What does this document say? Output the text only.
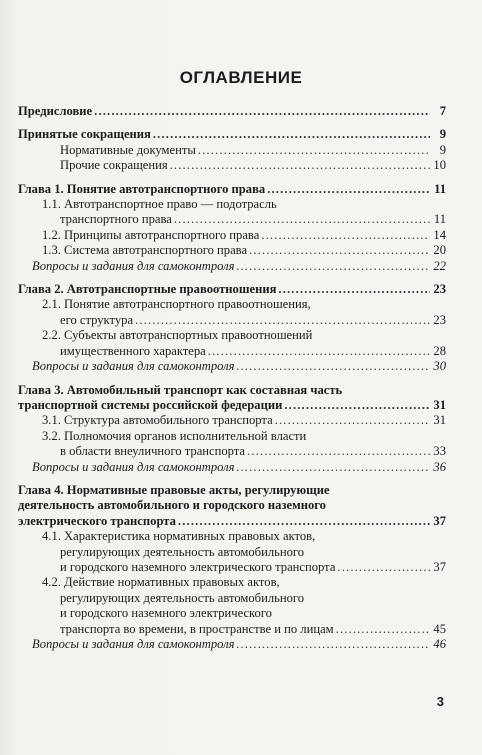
ОГЛАВЛЕНИЕ
Предисловие . . .	7
Принятые сокращения . . .	9
Нормативные документы . . .	9
Прочие сокращения . . .	10
Глава 1. Понятие автотранспортного права . . .	11
1.1. Автотранспортное право — подотрасль
транспортного права . . .	11
1.2. Принципы автотранспортного права . . .	14
1.3. Система автотранспортного права . . .	20
Вопросы и задания для самоконтроля . . .	22
Глава 2. Автотранспортные правоотношения . . .	23
2.1. Понятие автотранспортного правоотношения,
его структура . . .	23
2.2. Субъекты автотранспортных правоотношений
имущественного характера . . .	28
Вопросы и задания для самоконтроля . . .	30
Глава 3. Автомобильный транспорт как составная часть
транспортной системы российской федерации . . .	31
3.1. Структура автомобильного транспорта . . .	31
3.2. Полномочия органов исполнительной власти
в области внеуличного транспорта . . .	33
Вопросы и задания для самоконтроля . . .	36
Глава 4. Нормативные правовые акты, регулирующие
деятельность автомобильного и городского наземного
электрического транспорта . . .	37
4.1. Характеристика нормативных правовых актов,
регулирующих деятельность автомобильного
и городского наземного электрического транспорта . . .	37
4.2. Действие нормативных правовых актов,
регулирующих деятельность автомобильного
и городского наземного электрического
транспорта во времени, в пространстве и по лицам . . .	45
Вопросы и задания для самоконтроля . . .	46
3
